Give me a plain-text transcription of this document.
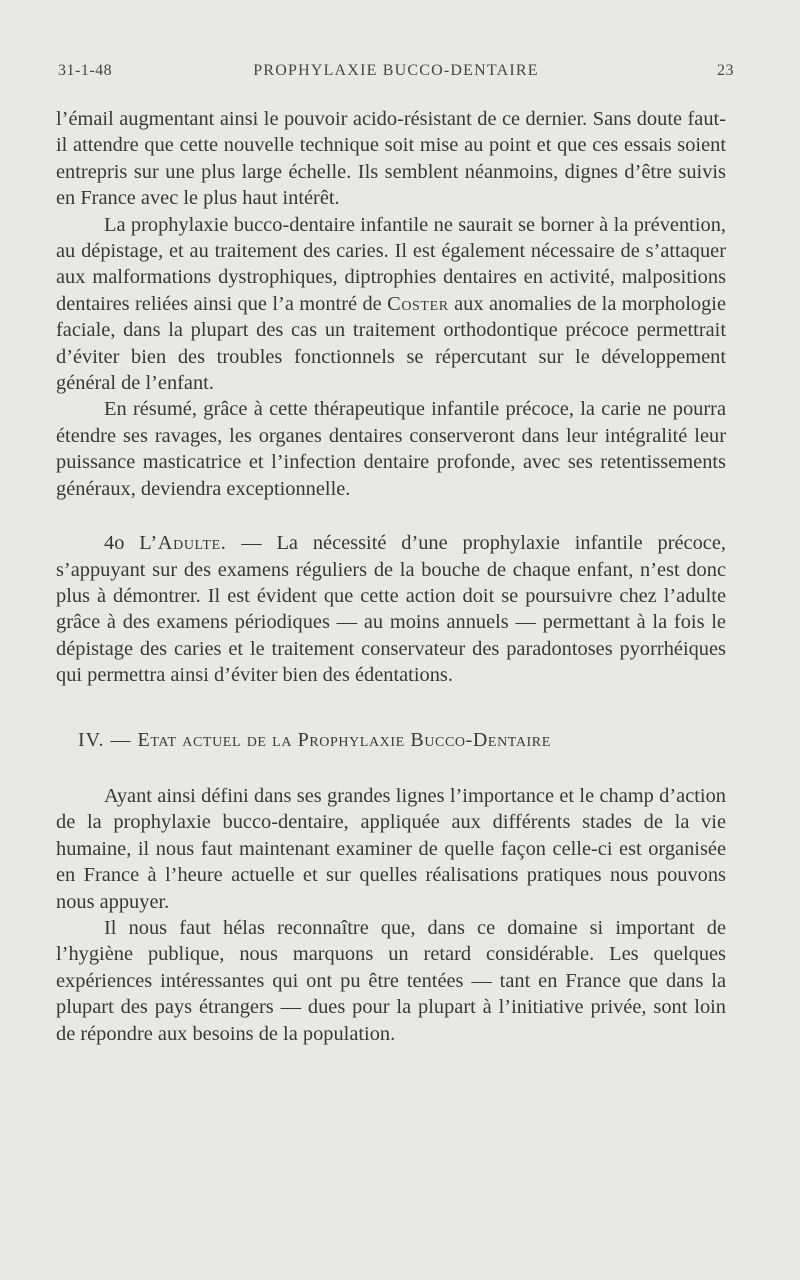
31-1-48	PROPHYLAXIE BUCCO-DENTAIRE	23

l’émail augmentant ainsi le pouvoir acido-résistant de ce dernier. Sans doute faut-il attendre que cette nouvelle technique soit mise au point et que ces essais soient entrepris sur une plus large échelle. Ils semblent néanmoins, dignes d’être suivis en France avec le plus haut intérêt.

La prophylaxie bucco-dentaire infantile ne saurait se borner à la prévention, au dépistage, et au traitement des caries. Il est également nécessaire de s’attaquer aux malformations dystrophiques, diptrophies dentaires en activité, malpositions dentaires reliées ainsi que l’a montré de Coster aux anomalies de la morphologie faciale, dans la plupart des cas un traitement orthodontique précoce permettrait d’éviter bien des troubles fonctionnels se répercutant sur le développement général de l’enfant.

En résumé, grâce à cette thérapeutique infantile précoce, la carie ne pourra étendre ses ravages, les organes dentaires conserveront dans leur intégralité leur puissance masticatrice et l’infection dentaire profonde, avec ses retentissements généraux, deviendra exceptionnelle.

4o L’Adulte. — La nécessité d’une prophylaxie infantile précoce, s’appuyant sur des examens réguliers de la bouche de chaque enfant, n’est donc plus à démontrer. Il est évident que cette action doit se poursuivre chez l’adulte grâce à des examens périodiques — au moins annuels — permettant à la fois le dépistage des caries et le traitement conservateur des paradontoses pyorrhéiques qui permettra ainsi d’éviter bien des édentations.

IV. — Etat actuel de la Prophylaxie Bucco-Dentaire

Ayant ainsi défini dans ses grandes lignes l’importance et le champ d’action de la prophylaxie bucco-dentaire, appliquée aux différents stades de la vie humaine, il nous faut maintenant examiner de quelle façon celle-ci est organisée en France à l’heure actuelle et sur quelles réalisations pratiques nous pouvons nous appuyer.

Il nous faut hélas reconnaître que, dans ce domaine si important de l’hygiène publique, nous marquons un retard considérable. Les quelques expériences intéressantes qui ont pu être tentées — tant en France que dans la plupart des pays étrangers — dues pour la plupart à l’initiative privée, sont loin de répondre aux besoins de la population.
